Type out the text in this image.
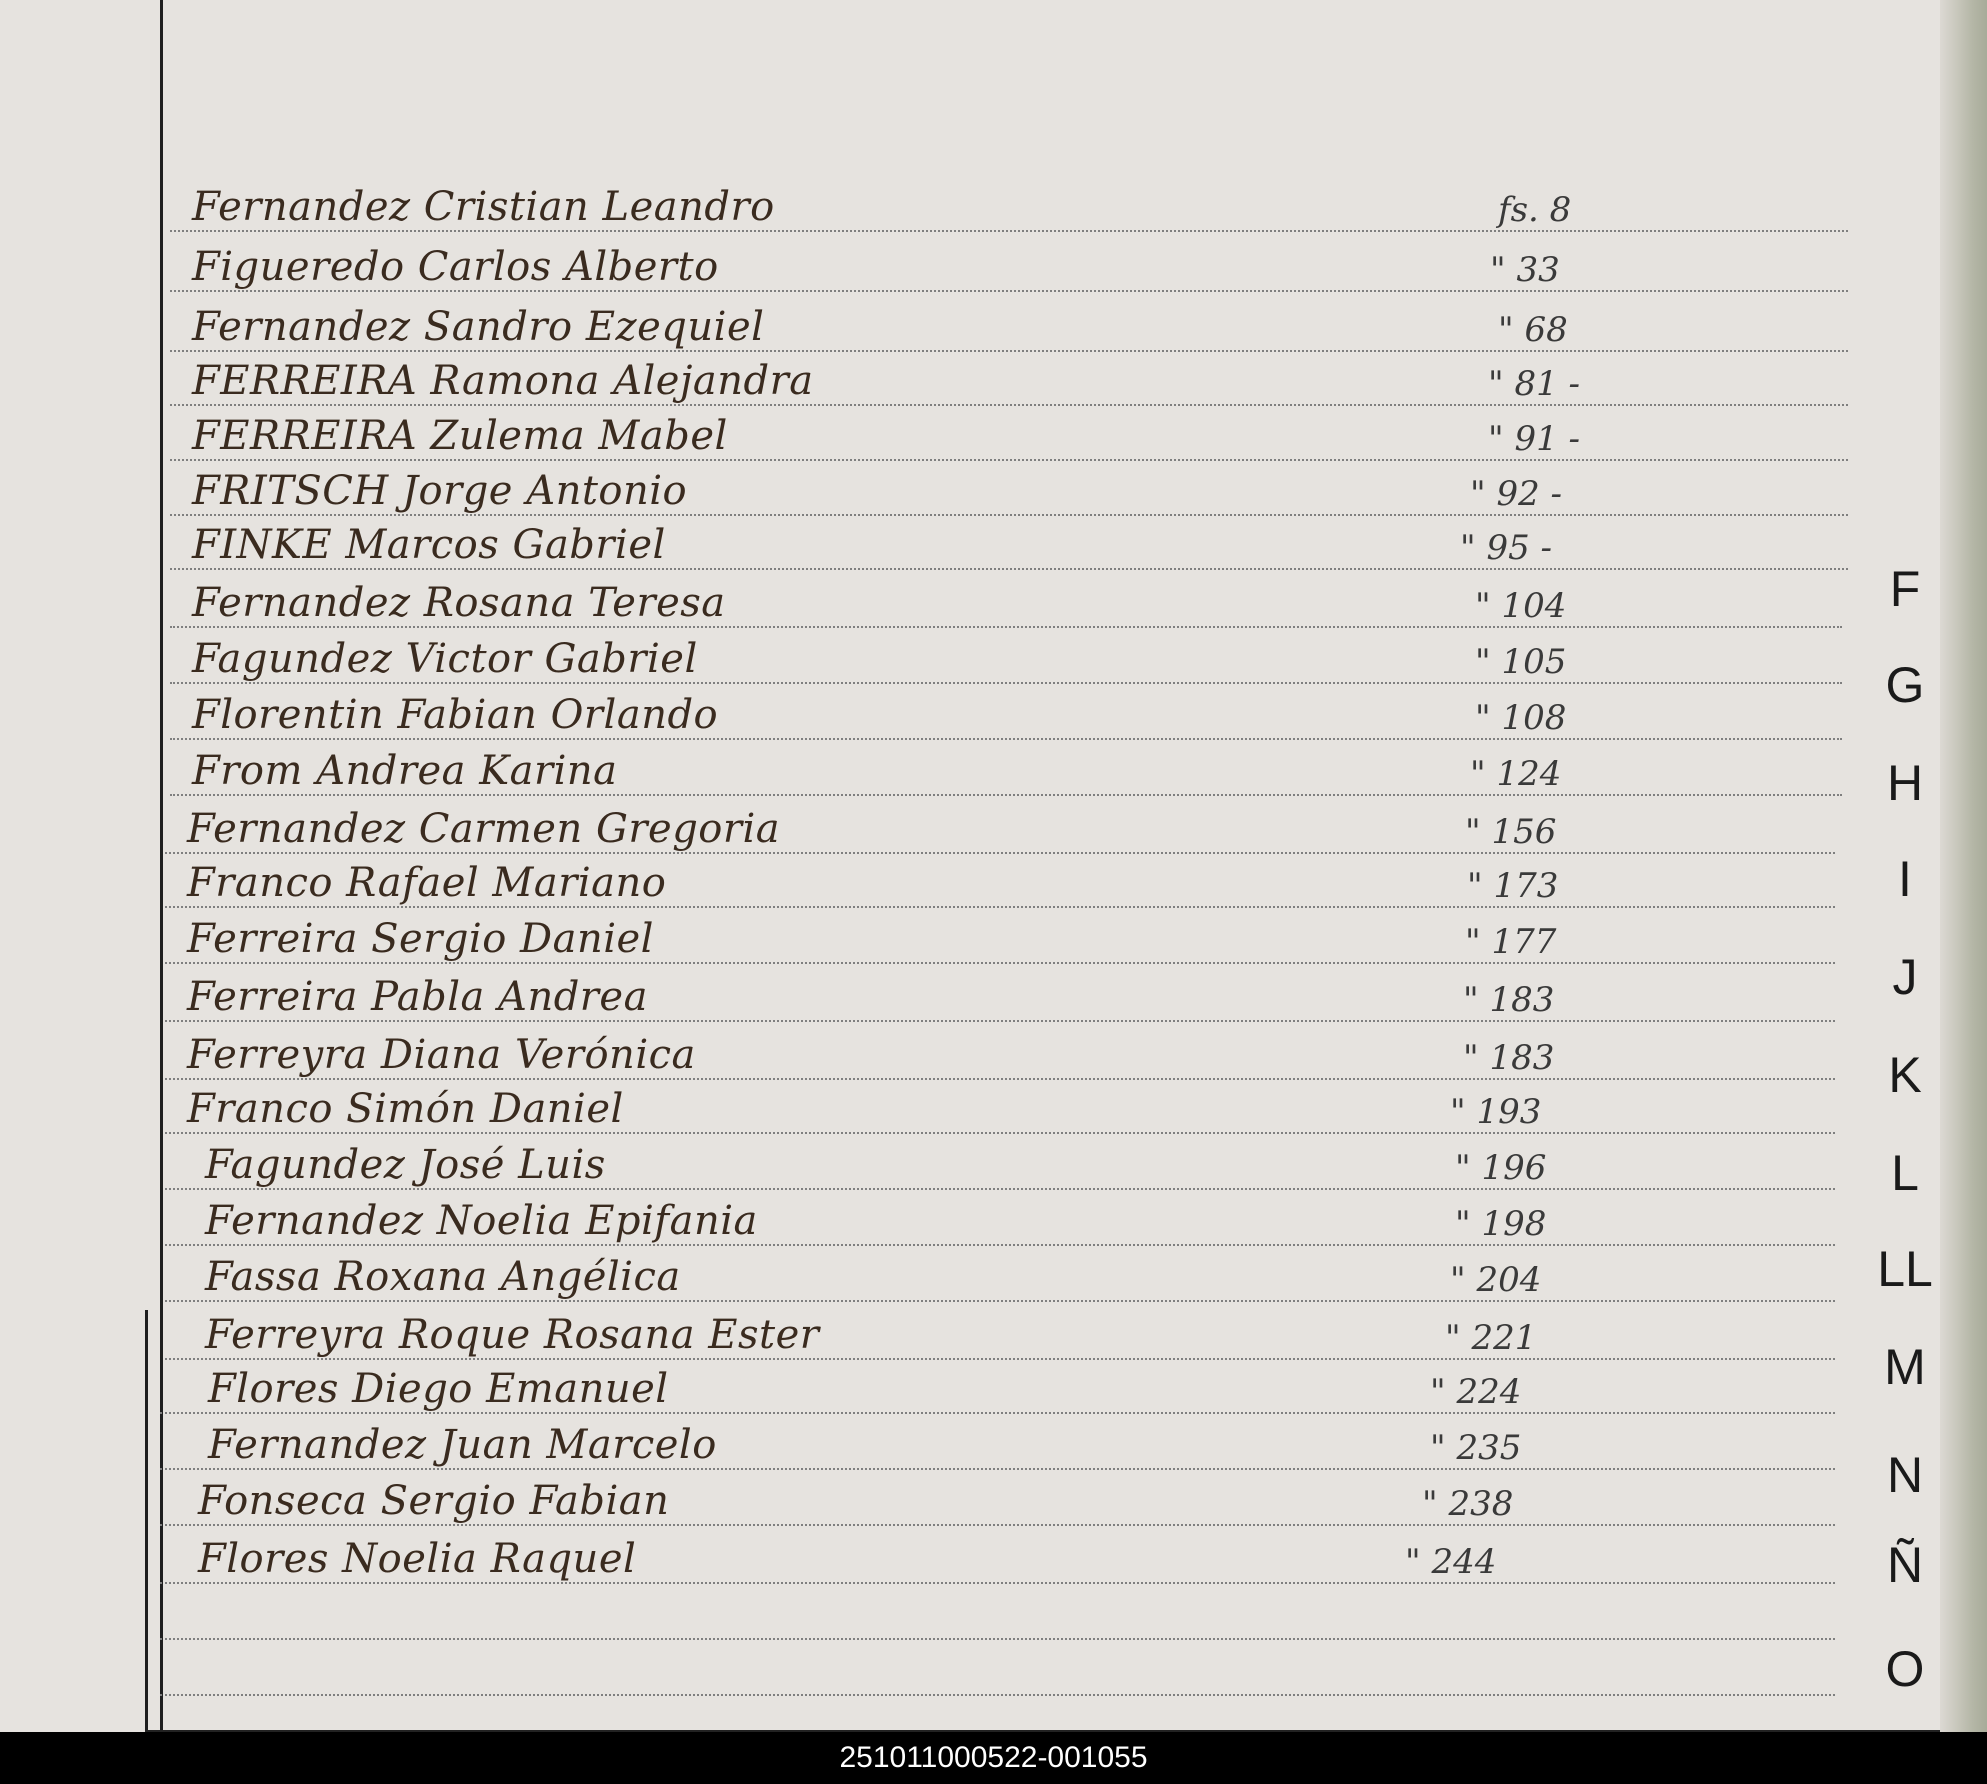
Fernandez Cristian Leandro	fs. 8
Figueredo Carlos Alberto	" 33
Fernandez Sandro Ezequiel	" 68
FERREIRA Ramona Alejandra	" 81 -
FERREIRA Zulema Mabel	" 91 -
FRITSCH Jorge Antonio	" 92 -
FINKE Marcos Gabriel	" 95 -
Fernandez Rosana Teresa	" 104
Fagundez Victor Gabriel	" 105
Florentin Fabian Orlando	" 108
From Andrea Karina	" 124
Fernandez Carmen Gregoria	" 156
Franco Rafael Mariano	" 173
Ferreira Sergio Daniel	" 177
Ferreira Pabla Andrea	" 183
Ferreyra Diana Verónica	" 183
Franco Simón Daniel	" 193
Fagundez José Luis	" 196
Fernandez Noelia Epifania	" 198
Fassa Roxana Angélica	" 204
Ferreyra Roque Rosana Ester	" 221
Flores Diego Emanuel	" 224
Fernandez Juan Marcelo	" 235
Fonseca Sergio Fabian	" 238
Flores Noelia Raquel	" 244
F
G
H
I
J
K
L
LL
M
N
Ñ
O
251011000522-001055
